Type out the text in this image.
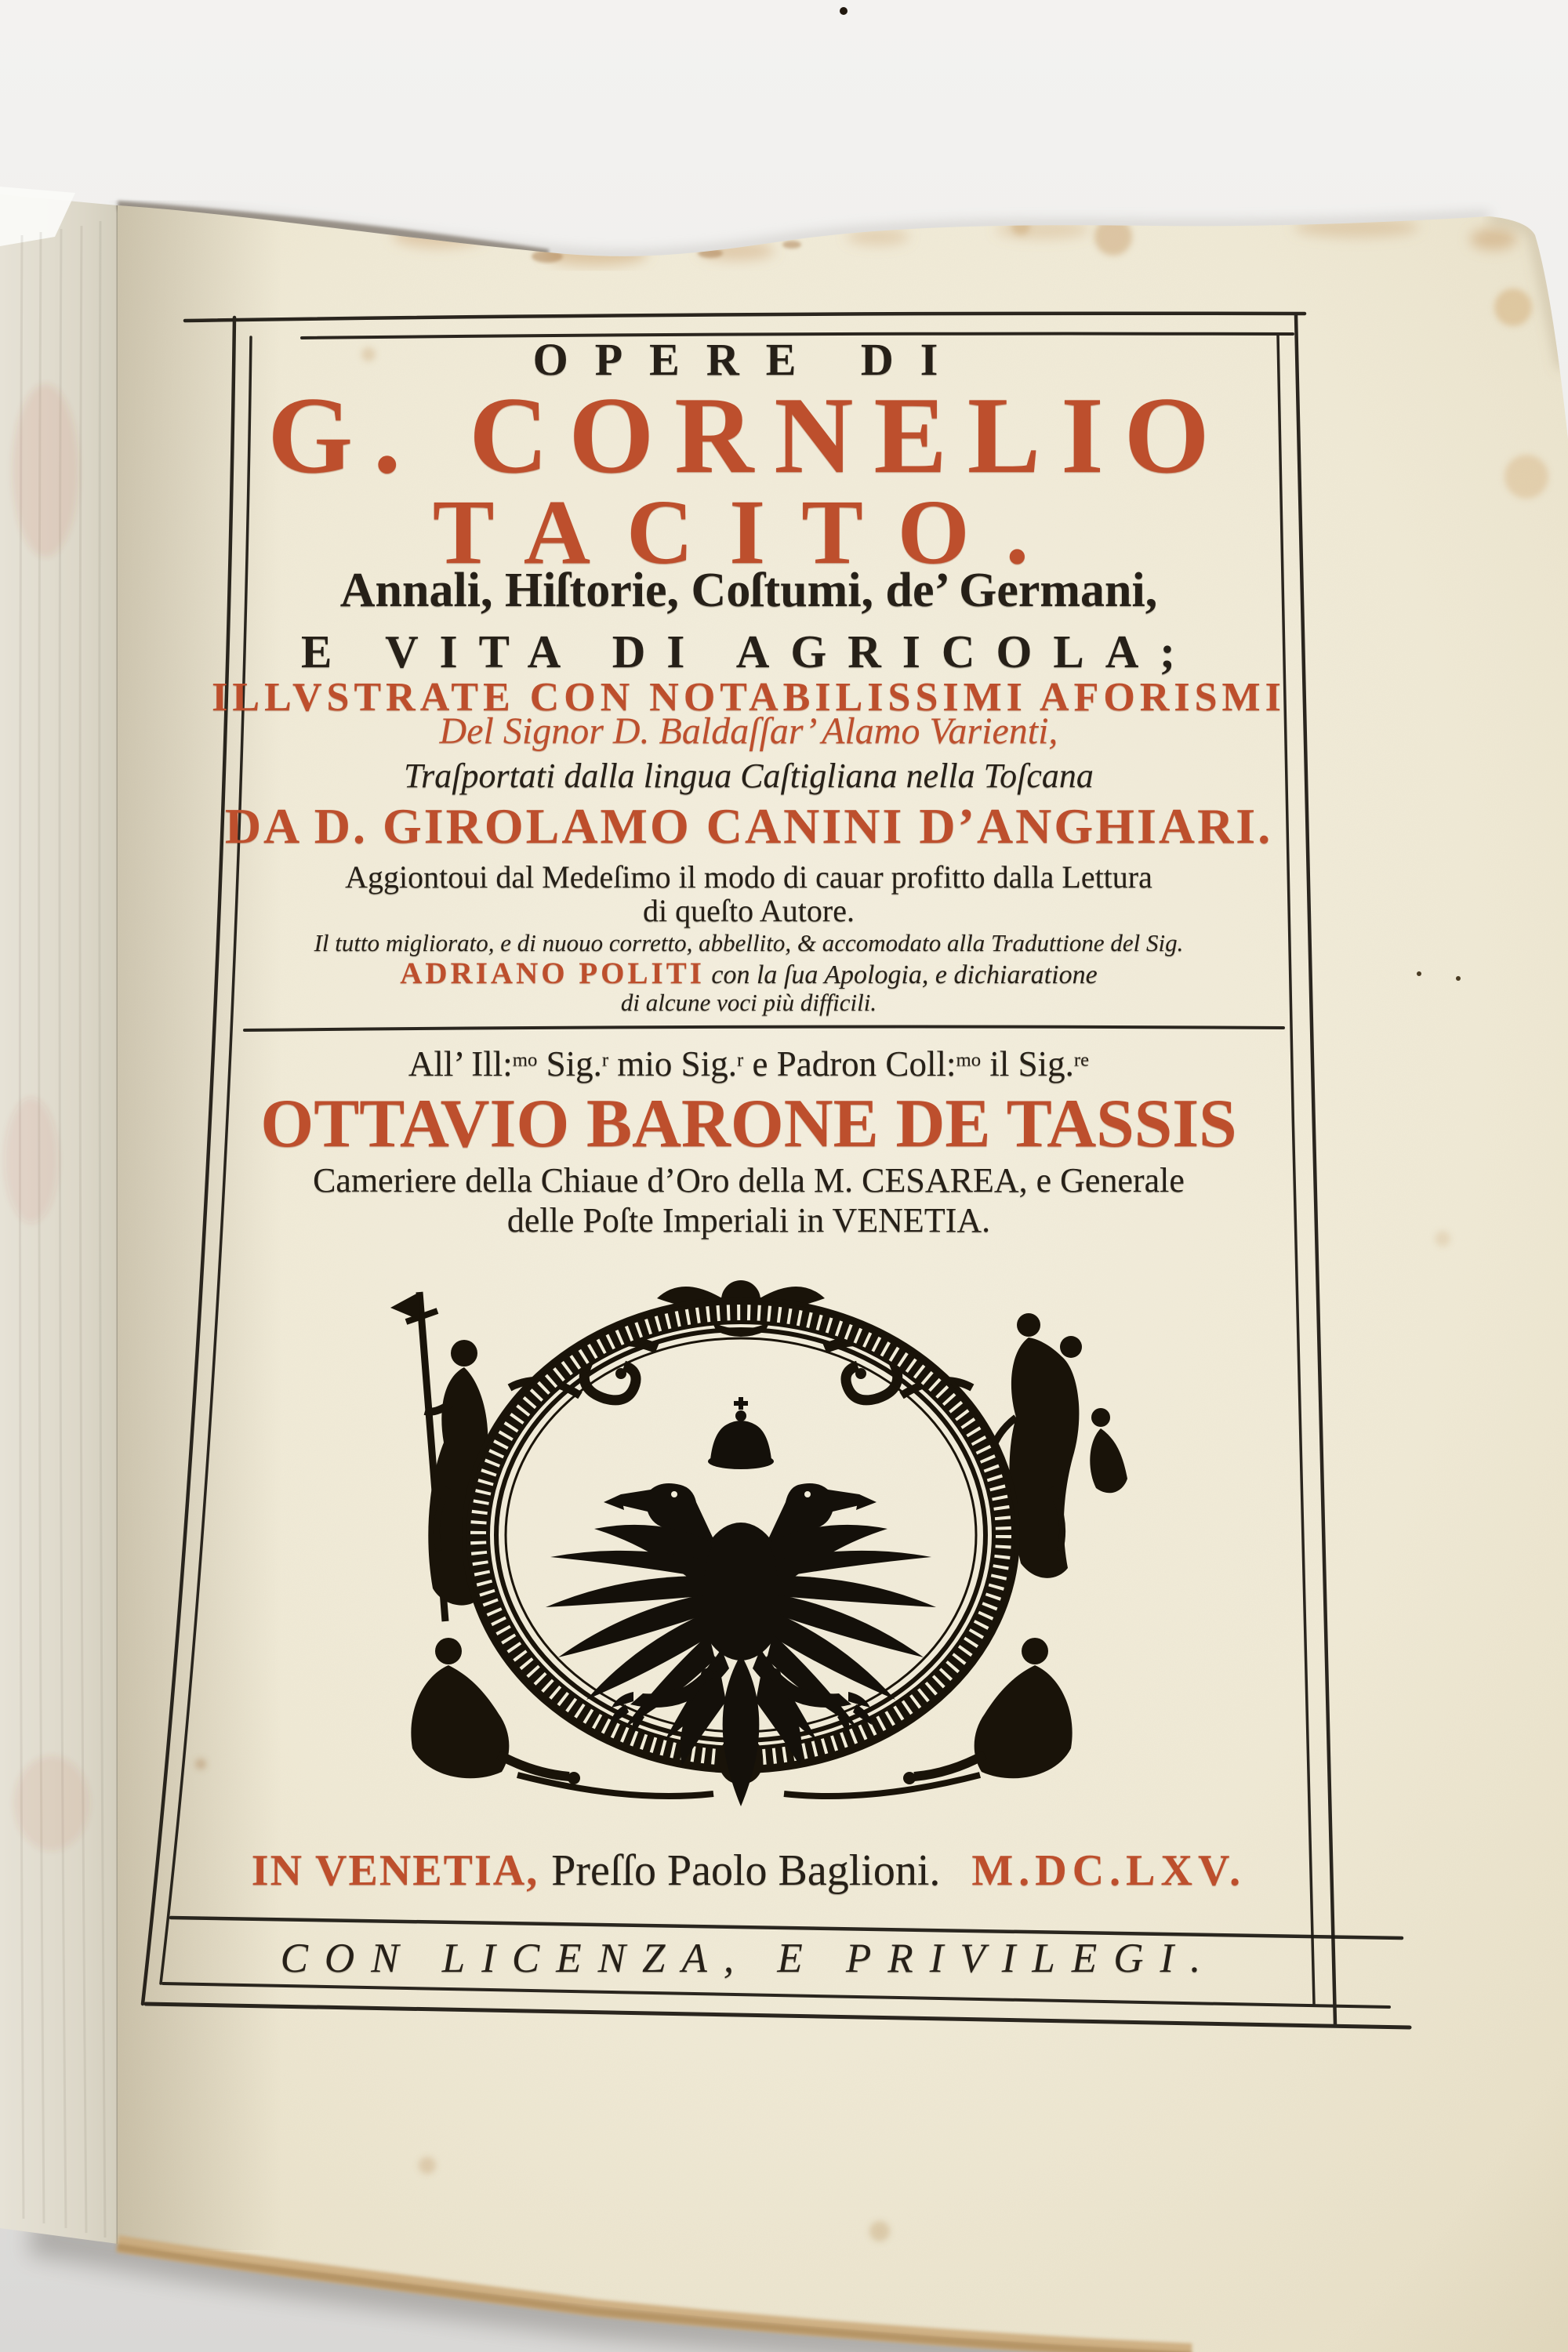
OPERE DI
G. CORNELIO
TACITO.
Annali, Hiſtorie, Coſtumi, de’ Germani,
E VITA DI AGRICOLA;
ILLVSTRATE CON NOTABILISSIMI AFORISMI
Del Signor D. Baldaſſar’ Alamo Varienti,
Traſportati dalla lingua Caſtigliana nella Toſcana
DA D. GIROLAMO CANINI D’ANGHIARI.
Aggiontoui dal Medeſimo il modo di cauar profitto dalla Lettura
di queſto Autore.
Il tutto migliorato, e di nuouo corretto, abbellito, & accomodato alla Traduttione del Sig.
ADRIANO POLITI con la ſua Apologia, e dichiaratione
di alcune voci più difficili.
All’ Ill:$^{mo}$ Sig.$^r$ mio Sig.$^r$ e Padron Coll:$^{mo}$ il Sig.$^{re}$
OTTAVIO BARONE DE TASSIS
Cameriere della Chiaue d’Oro della M. CESAREA, e Generale
delle Poſte Imperiali in VENETIA.
IN VENETIA, Preſſo Paolo Baglioni. M.DC.LXV.
CON LICENZA, E PRIVILEGI.
